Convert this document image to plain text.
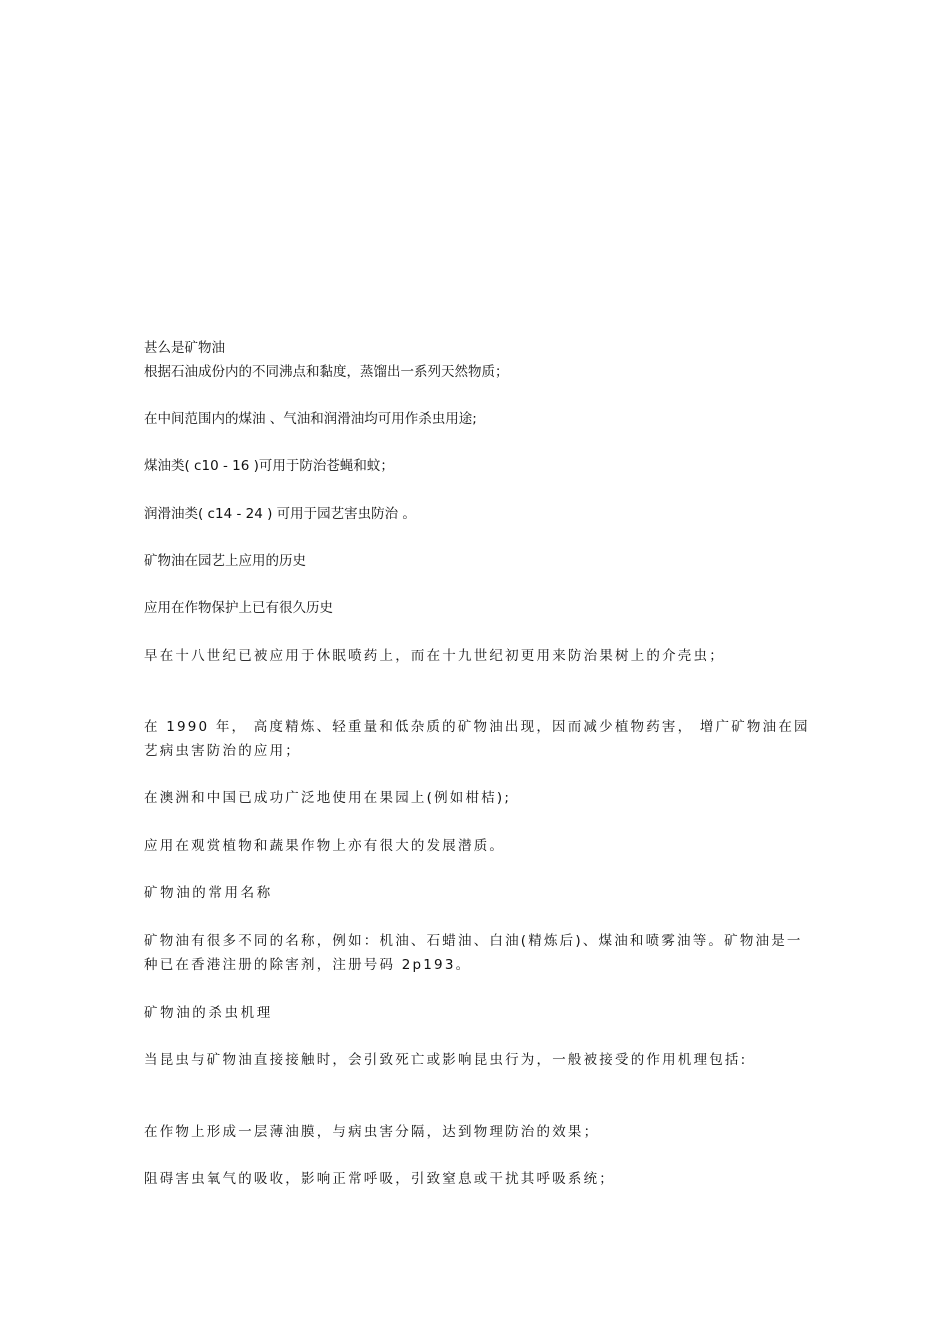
甚么是矿物油

根据石油成份内的不同沸点和黏度，蒸馏出一系列天然物质；

在中间范围内的煤油 、气油和润滑油均可用作杀虫用途;

煤油类( c10 - 16 )可用于防治苍蝇和蚊；

润滑油类( c14 - 24 ) 可用于园艺害虫防治 。

矿物油在园艺上应用的历史

应用在作物保护上已有很久历史

早在十八世纪已被应用于休眠喷药上，而在十九世纪初更用来防治果树上的介壳虫；

在 1990 年， 高度精炼、轻重量和低杂质的矿物油出现，因而减少植物药害， 增广矿物油在园艺病虫害防治的应用；

在澳洲和中国已成功广泛地使用在果园上(例如柑桔);

应用在观赏植物和蔬果作物上亦有很大的发展潜质。

矿物油的常用名称

矿物油有很多不同的名称，例如：机油、石蜡油、白油(精炼后)、煤油和喷雾油等。矿物油是一种已在香港注册的除害剂，注册号码 2p193。

矿物油的杀虫机理

当昆虫与矿物油直接接触时，会引致死亡或影响昆虫行为，一般被接受的作用机理包括:

在作物上形成一层薄油膜，与病虫害分隔，达到物理防治的效果；

阻碍害虫氧气的吸收，影响正常呼吸，引致窒息或干扰其呼吸系统；
